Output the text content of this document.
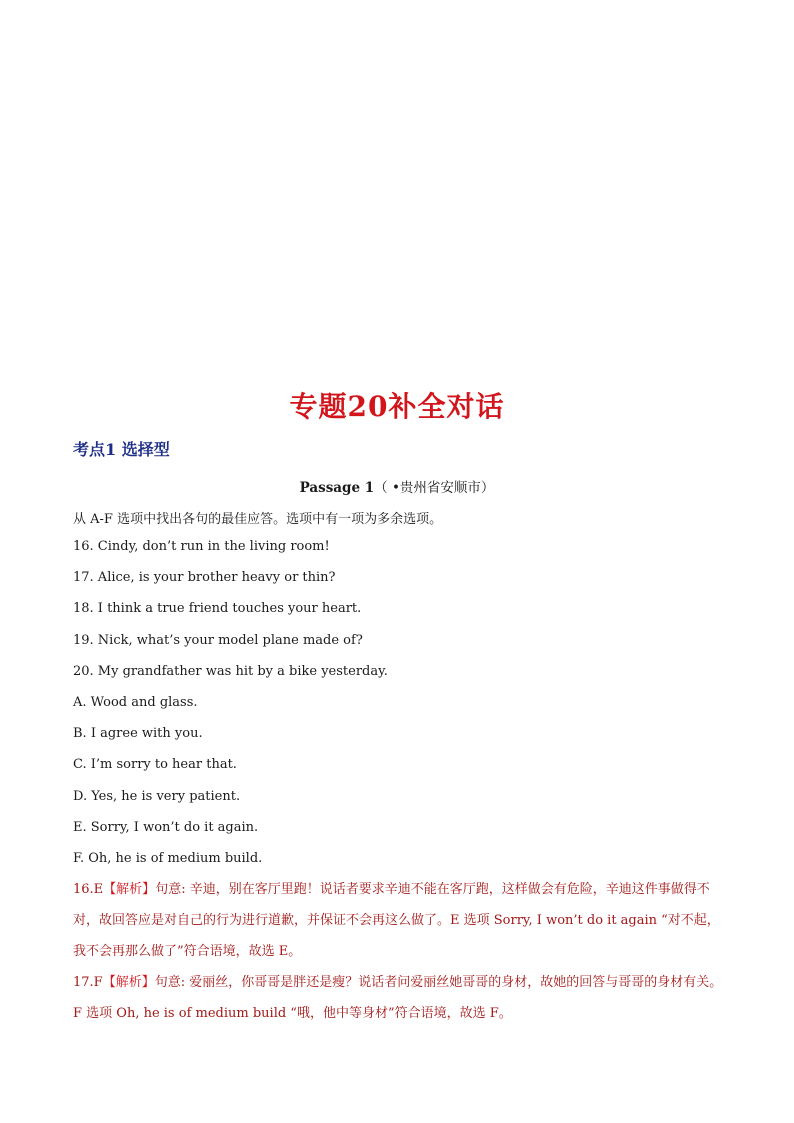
专题20补全对话
考点1 选择型
Passage 1（ •贵州省安顺市）
从 A-F 选项中找出各句的最佳应答。选项中有一项为多余选项。
16. Cindy, don’t run in the living room!
17. Alice, is your brother heavy or thin?
18. I think a true friend touches your heart.
19. Nick, what’s your model plane made of?
20. My grandfather was hit by a bike yesterday.
A. Wood and glass.
B. I agree with you.
C. I’m sorry to hear that.
D. Yes, he is very patient.
E. Sorry, I won’t do it again.
F. Oh, he is of medium build.
16.E【解析】句意: 辛迪，别在客厅里跑！说话者要求辛迪不能在客厅跑，这样做会有危险，辛迪这件事做得不对，故回答应是对自己的行为进行道歉，并保证不会再这么做了。E 选项 Sorry, I won’t do it again “对不起，我不会再那么做了”符合语境，故选 E。
17.F【解析】句意: 爱丽丝，你哥哥是胖还是瘦？说话者问爱丽丝她哥哥的身材，故她的回答与哥哥的身材有关。F 选项 Oh, he is of medium build “哦，他中等身材”符合语境，故选 F。
